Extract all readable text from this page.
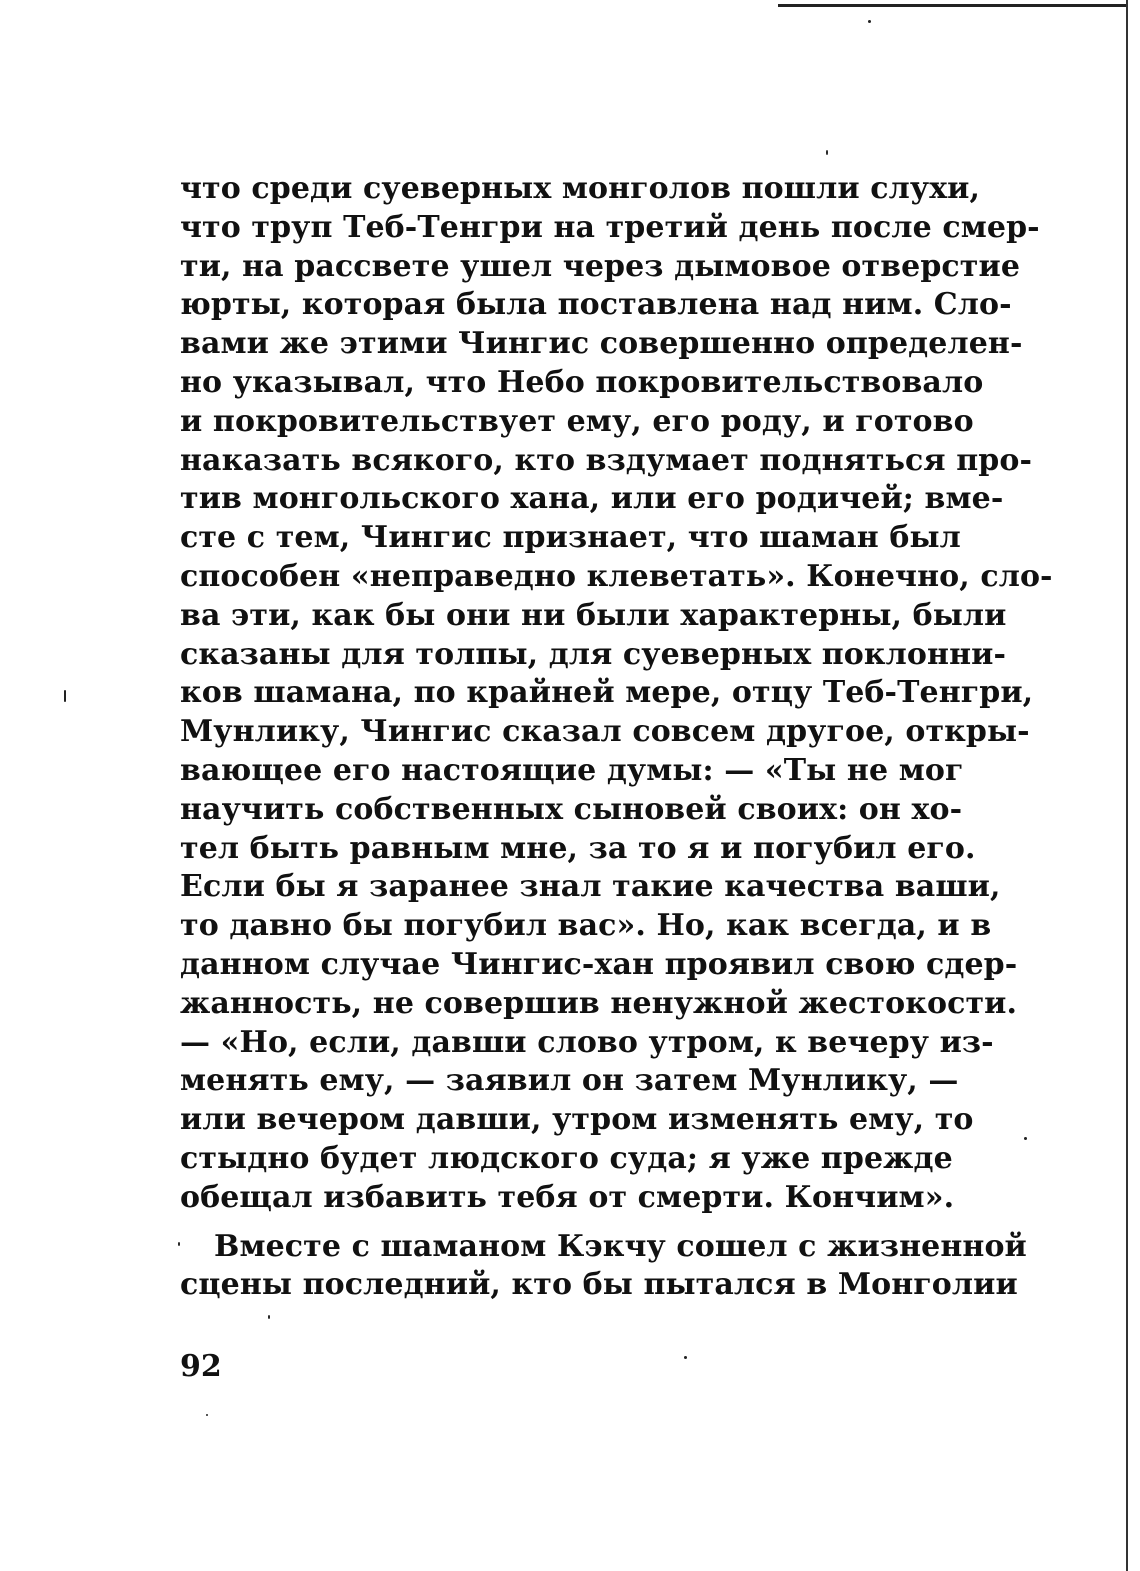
что среди суеверных монголов пошли слухи,
что труп Теб-Тенгри на третий день после смер-
ти, на рассвете ушел через дымовое отверстие
юрты, которая была поставлена над ним. Сло-
вами же этими Чингис совершенно определен-
но указывал, что Небо покровительствовало
и покровительствует ему, его роду, и готово
наказать всякого, кто вздумает подняться про-
тив монгольского хана, или его родичей; вме-
сте с тем, Чингис признает, что шаман был
способен «неправедно клеветать». Конечно, сло-
ва эти, как бы они ни были характерны, были
сказаны для толпы, для суеверных поклонни-
ков шамана, по крайней мере, отцу Теб-Тенгри,
Мунлику, Чингис сказал совсем другое, откры-
вающее его настоящие думы: — «Ты не мог
научить собственных сыновей своих: он хо-
тел быть равным мне, за то я и погубил его.
Если бы я заранее знал такие качества ваши,
то давно бы погубил вас». Но, как всегда, и в
данном случае Чингис-хан проявил свою сдер-
жанность, не совершив ненужной жестокости.
— «Но, если, давши слово утром, к вечеру из-
менять ему, — заявил он затем Мунлику, —
или вечером давши, утром изменять ему, то
стыдно будет людского суда; я уже прежде
обещал избавить тебя от смерти. Кончим».
Вместе с шаманом Кэкчу сошел с жизненной
сцены последний, кто бы пытался в Монголии
92
